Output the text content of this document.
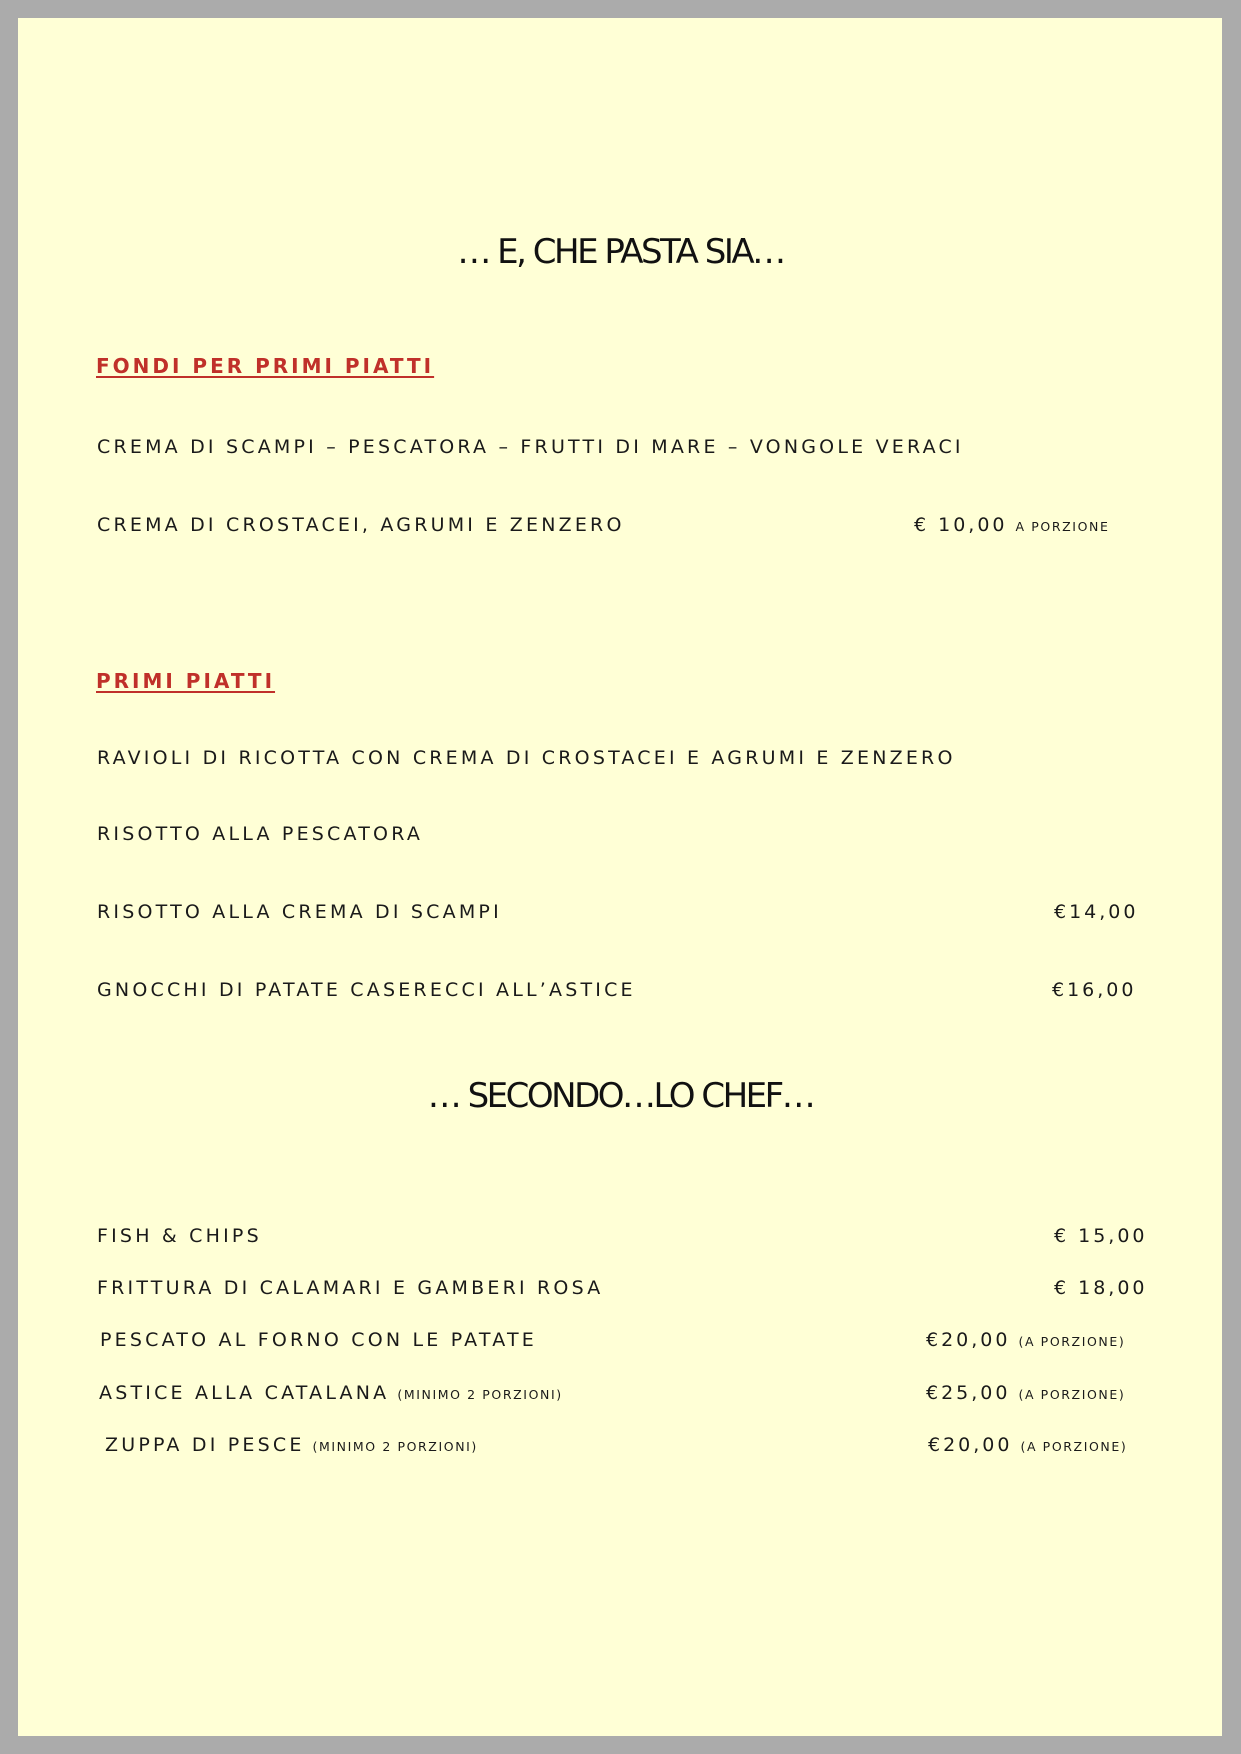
… E, CHE PASTA SIA…
FONDI PER PRIMI PIATTI
CREMA DI SCAMPI – PESCATORA – FRUTTI DI MARE – VONGOLE VERACI
CREMA DI CROSTACEI, AGRUMI E ZENZERO	€ 10,00 A PORZIONE
PRIMI PIATTI
RAVIOLI DI RICOTTA CON CREMA DI CROSTACEI E AGRUMI E ZENZERO
RISOTTO ALLA PESCATORA
RISOTTO ALLA CREMA DI SCAMPI	€14,00
GNOCCHI DI PATATE CASERECCI ALL’ASTICE	€16,00
… SECONDO…LO CHEF…
FISH & CHIPS	€ 15,00
FRITTURA DI CALAMARI E GAMBERI ROSA	€ 18,00
PESCATO AL FORNO CON LE PATATE	€20,00 (A PORZIONE)
ASTICE ALLA CATALANA (MINIMO 2 PORZIONI)	€25,00 (A PORZIONE)
ZUPPA DI PESCE (MINIMO 2 PORZIONI)	€20,00 (A PORZIONE)
